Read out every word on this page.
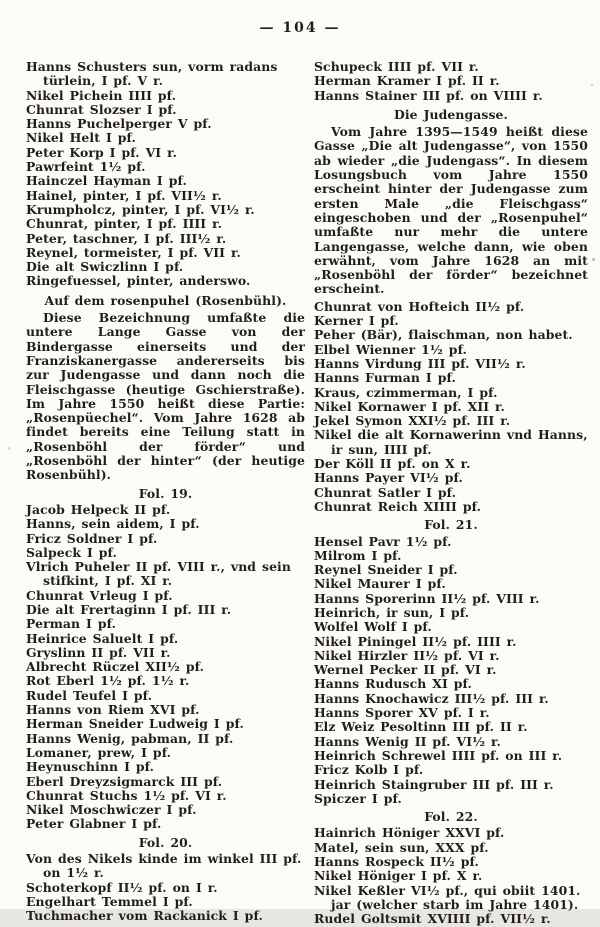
— 104 —
Hanns Schusters sun, vorm radans türlein, I pf. V r.
Nikel Pichein IIII pf.
Chunrat Slozser I pf.
Hanns Puchelperger V pf.
Nikel Helt I pf.
Peter Korp I pf. VI r.
Pawrfeint 1½ pf.
Hainczel Hayman I pf.
Hainel, pinter, I pf. VII½ r.
Krumpholcz, pinter, I pf. VI½ r.
Chunrat, pinter, I pf. IIII r.
Peter, taschner, I pf. III½ r.
Reynel, tormeister, I pf. VII r.
Die alt Swiczlinn I pf.
Ringefuessel, pinter, anderswo.
Auf dem rosenpuhel (Rosenbühl).
Diese Bezeichnung umfaßte die untere Lange Gasse von der Bindergasse einerseits und der Franziskanergasse andererseits bis zur Judengasse und dann noch die Fleischgasse (heutige Gschierstraße). Im Jahre 1550 heißt diese Partie: „Rosenpüechel“. Vom Jahre 1628 ab findet bereits eine Teilung statt in „Rosenböhl der förder“ und „Rosenböhl der hinter“ (der heutige Rosenbühl).
Fol. 19.
Jacob Helpeck II pf.
Hanns, sein aidem, I pf.
Fricz Soldner I pf.
Salpeck I pf.
Vlrich Puheler II pf. VIII r., vnd sein stifkint, I pf. XI r.
Chunrat Vrleug I pf.
Die alt Frertaginn I pf. III r.
Perman I pf.
Heinrice Saluelt I pf.
Gryslinn II pf. VII r.
Albrecht Rüczel XII½ pf.
Rot Eberl 1½ pf. 1½ r.
Rudel Teufel I pf.
Hanns von Riem XVI pf.
Herman Sneider Ludweig I pf.
Hanns Wenig, pabman, II pf.
Lomaner, prew, I pf.
Heynuschinn I pf.
Eberl Dreyzsigmarck III pf.
Chunrat Stuchs 1½ pf. VI r.
Nikel Moschwiczer I pf.
Peter Glabner I pf.
Fol. 20.
Von des Nikels kinde im winkel III pf. on 1½ r.
Schoterkopf II½ pf. on I r.
Engelhart Temmel I pf.
Tuchmacher vom Rackanick I pf.
Schupeck IIII pf. VII r.
Herman Kramer I pf. II r.
Hanns Stainer III pf. on VIIII r.
Die Judengasse.
Vom Jahre 1395—1549 heißt diese Gasse „Die alt Judengasse“, von 1550 ab wieder „die Judengass“. In diesem Losungsbuch vom Jahre 1550 erscheint hinter der Judengasse zum ersten Male „die Fleischgass“ eingeschoben und der „Rosenpuhel“ umfaßte nur mehr die untere Langengasse, welche dann, wie oben erwähnt, vom Jahre 1628 an mit „Rosenböhl der förder“ bezeichnet erscheint.
Chunrat von Hofteich II½ pf.
Kerner I pf.
Peher (Bär), flaischman, non habet.
Elbel Wienner 1½ pf.
Hanns Virdung III pf. VII½ r.
Hanns Furman I pf.
Kraus, czimmerman, I pf.
Nikel Kornawer I pf. XII r.
Jekel Symon XXI½ pf. III r.
Nikel die alt Kornawerinn vnd Hanns, ir sun, IIII pf.
Der Köll II pf. on X r.
Hanns Payer VI½ pf.
Chunrat Satler I pf.
Chunrat Reich XIIII pf.
Fol. 21.
Hensel Pavr 1½ pf.
Milrom I pf.
Reynel Sneider I pf.
Nikel Maurer I pf.
Hanns Sporerinn II½ pf. VIII r.
Heinrich, ir sun, I pf.
Wolfel Wolf I pf.
Nikel Piningel II½ pf. IIII r.
Nikel Hirzler II½ pf. VI r.
Wernel Pecker II pf. VI r.
Hanns Rudusch XI pf.
Hanns Knochawicz III½ pf. III r.
Hanns Sporer XV pf. I r.
Elz Weiz Pesoltinn III pf. II r.
Hanns Wenig II pf. VI½ r.
Heinrich Schrewel IIII pf. on III r.
Fricz Kolb I pf.
Heinrich Staingruber III pf. III r.
Spiczer I pf.
Fol. 22.
Hainrich Höniger XXVI pf.
Matel, sein sun, XXX pf.
Hanns Rospeck II½ pf.
Nikel Höniger I pf. X r.
Nikel Keßler VI½ pf., qui obiit 1401. jar (welcher starb im Jahre 1401).
Rudel Goltsmit XVIIII pf. VII½ r.
